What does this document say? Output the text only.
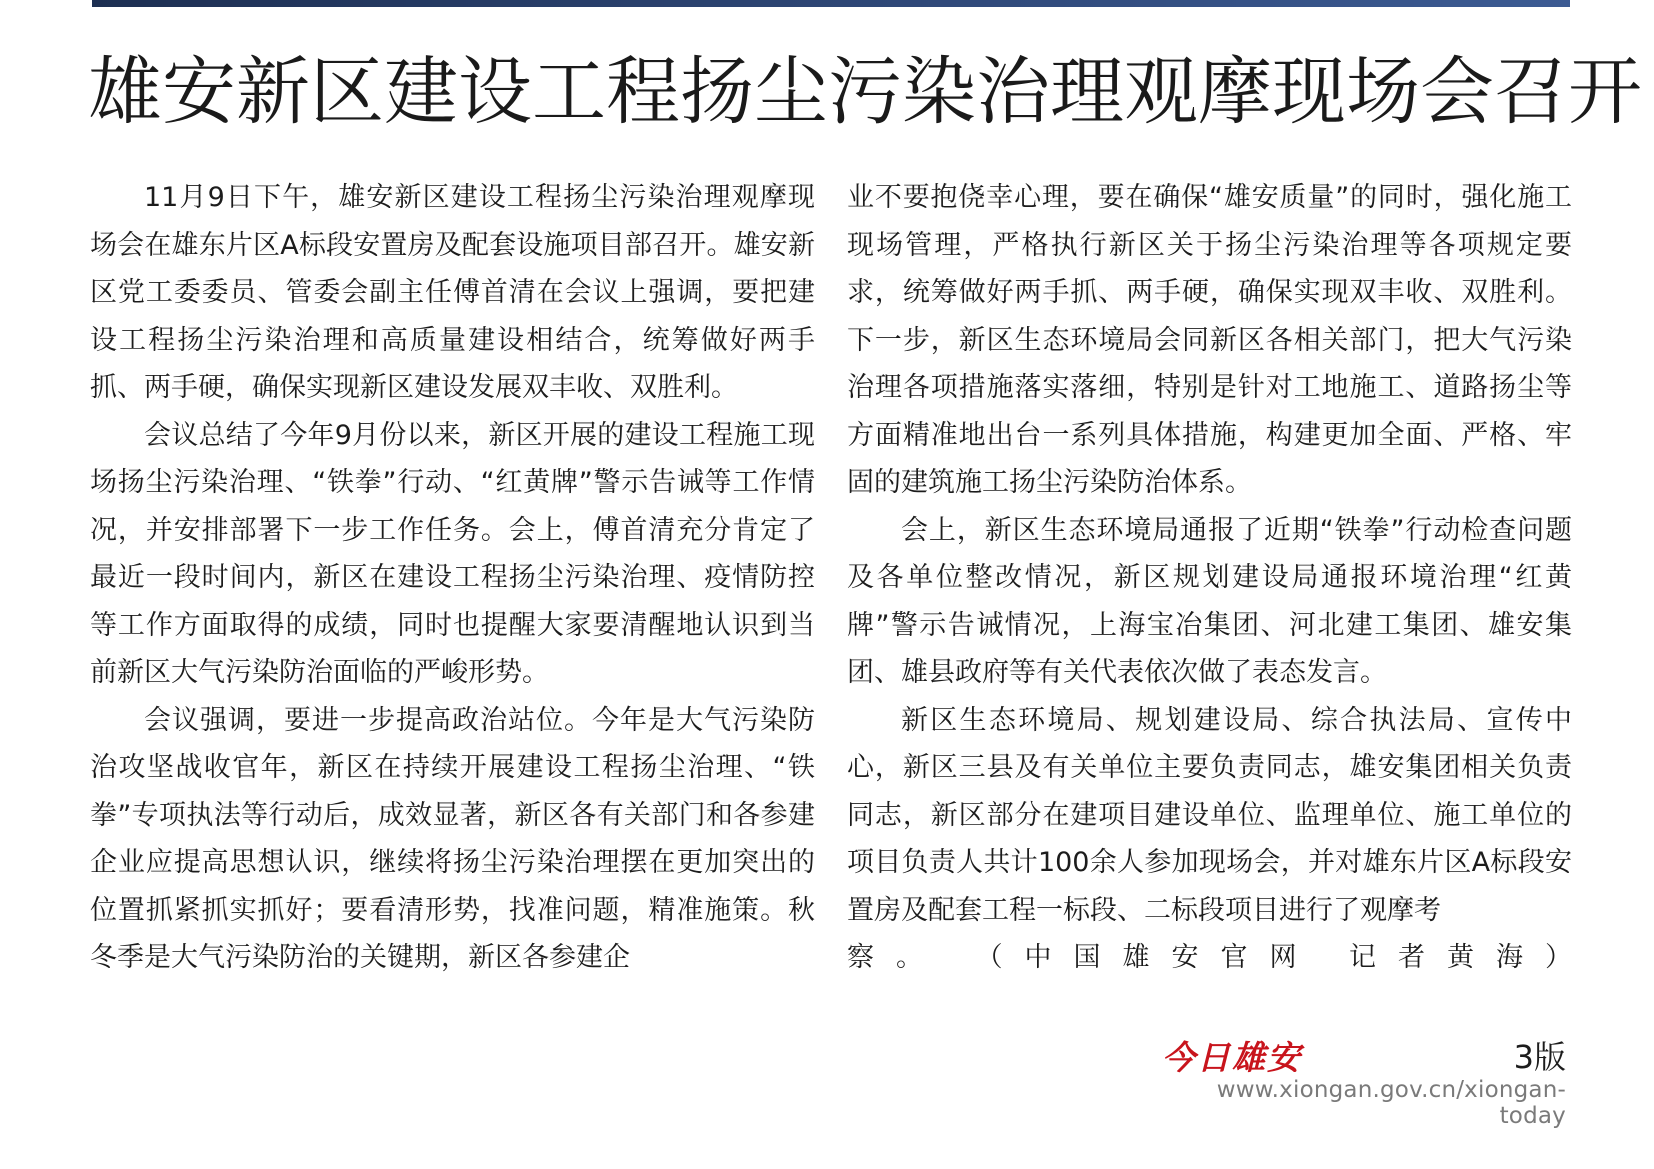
雄安新区建设工程扬尘污染治理观摩现场会召开

11月9日下午，雄安新区建设工程扬尘污染治理观摩现场会在雄东片区A标段安置房及配套设施项目部召开。雄安新区党工委委员、管委会副主任傅首清在会议上强调，要把建设工程扬尘污染治理和高质量建设相结合，统筹做好两手抓、两手硬，确保实现新区建设发展双丰收、双胜利。

会议总结了今年9月份以来，新区开展的建设工程施工现场扬尘污染治理、“铁拳”行动、“红黄牌”警示告诫等工作情况，并安排部署下一步工作任务。会上，傅首清充分肯定了最近一段时间内，新区在建设工程扬尘污染治理、疫情防控等工作方面取得的成绩，同时也提醒大家要清醒地认识到当前新区大气污染防治面临的严峻形势。

会议强调，要进一步提高政治站位。今年是大气污染防治攻坚战收官年，新区在持续开展建设工程扬尘治理、“铁拳”专项执法等行动后，成效显著，新区各有关部门和各参建企业应提高思想认识，继续将扬尘污染治理摆在更加突出的位置抓紧抓实抓好；要看清形势，找准问题，精准施策。秋冬季是大气污染防治的关键期，新区各参建企

业不要抱侥幸心理，要在确保“雄安质量”的同时，强化施工现场管理，严格执行新区关于扬尘污染治理等各项规定要求，统筹做好两手抓、两手硬，确保实现双丰收、双胜利。下一步，新区生态环境局会同新区各相关部门，把大气污染治理各项措施落实落细，特别是针对工地施工、道路扬尘等方面精准地出台一系列具体措施，构建更加全面、严格、牢固的建筑施工扬尘污染防治体系。

会上，新区生态环境局通报了近期“铁拳”行动检查问题及各单位整改情况，新区规划建设局通报环境治理“红黄牌”警示告诫情况，上海宝冶集团、河北建工集团、雄安集团、雄县政府等有关代表依次做了表态发言。

新区生态环境局、规划建设局、综合执法局、宣传中心，新区三县及有关单位主要负责同志，雄安集团相关负责同志，新区部分在建项目建设单位、监理单位、施工单位的项目负责人共计100余人参加现场会，并对雄东片区A标段安置房及配套工程一标段、二标段项目进行了观摩考

察。 （中国雄安官网 记者黄海）
今日雄安	3版
www.xiongan.gov.cn/xiongan-today
